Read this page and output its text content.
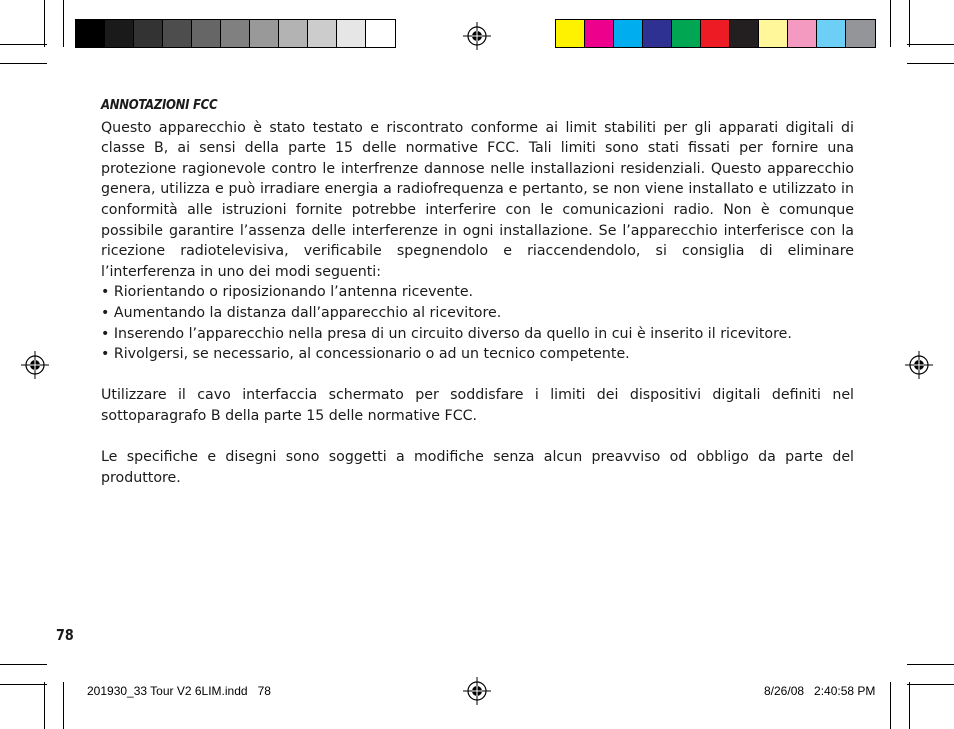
ANNOTAZIONI FCC

Questo apparecchio è stato testato e riscontrato conforme ai limit stabiliti per gli apparati digitali di classe B, ai sensi della parte 15 delle normative FCC. Tali limiti sono stati fissati per fornire una protezione ragionevole contro le interfrenze dannose nelle installazioni residenziali. Questo apparecchio genera, utilizza e può irradiare energia a radiofrequenza e pertanto, se non viene installato e utilizzato in conformità alle istruzioni fornite potrebbe interferire con le comunicazioni radio. Non è comunque possibile garantire l’assenza delle interferenze in ogni installazione. Se l’apparecchio interferisce con la ricezione radiotelevisiva, verificabile spegnendolo e riaccendendolo, si consiglia di eliminare l’interferenza in uno dei modi seguenti:

• Riorientando o riposizionando l’antenna ricevente.

• Aumentando la distanza dall’apparecchio al ricevitore.

• Inserendo l’apparecchio nella presa di un circuito diverso da quello in cui è inserito il ricevitore.

• Rivolgersi, se necessario, al concessionario o ad un tecnico competente.

Utilizzare il cavo interfaccia schermato per soddisfare i limiti dei dispositivi digitali definiti nel sottoparagrafo B della parte 15 delle normative FCC.

Le specifiche e disegni sono soggetti a modifiche senza alcun preavviso od obbligo da parte del produttore.

78
201930_33 Tour V2 6LIM.indd   78	8/26/08   2:40:58 PM
